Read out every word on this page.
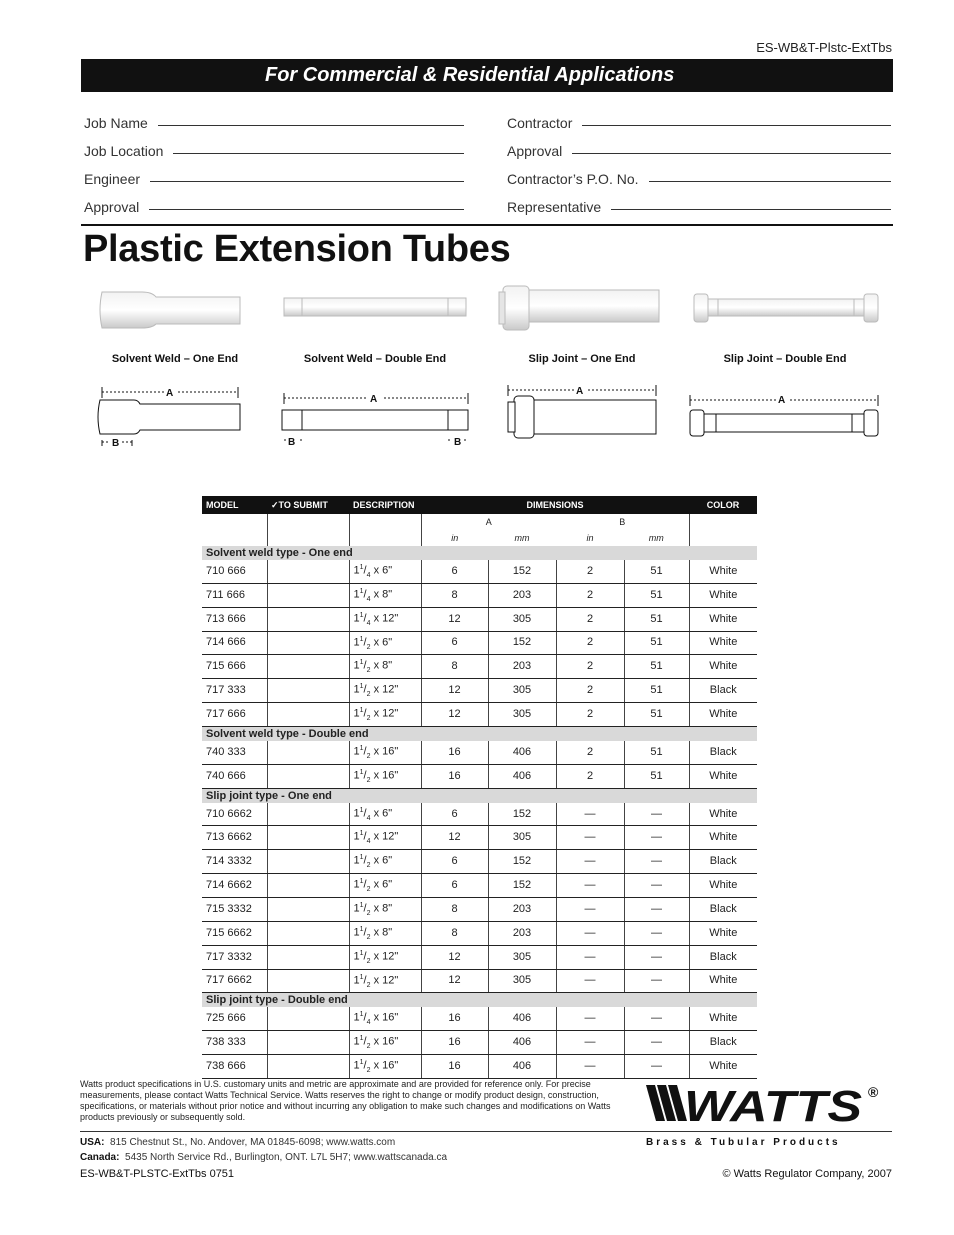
ES-WB&T-Plstc-ExtTbs
For Commercial & Residential Applications
Job Name
Job Location
Engineer
Approval
Contractor
Approval
Contractor’s P.O. No.
Representative
Plastic Extension Tubes
Solvent Weld – One End	Solvent Weld – Double End	Slip Joint – One End	Slip Joint – Double End
A
B
A
B	B
A
A
MODEL	✓TO SUBMIT	DESCRIPTION	DIMENSIONS				COLOR
			A		B		
			in	mm	in	mm	
Solvent weld type - One end							
710 666		$1^1/_4$ x 6"	6	152	2	51	White
711 666		$1^1/_4$ x 8"	8	203	2	51	White
713 666		$1^1/_4$ x 12"	12	305	2	51	White
714 666		$1^1/_2$ x 6"	6	152	2	51	White
715 666		$1^1/_2$ x 8"	8	203	2	51	White
717 333		$1^1/_2$ x 12"	12	305	2	51	Black
717 666		$1^1/_2$ x 12"	12	305	2	51	White
Solvent weld type - Double end							
740 333		$1^1/_2$ x 16"	16	406	2	51	Black
740 666		$1^1/_2$ x 16"	16	406	2	51	White
Slip joint type - One end							
710 6662		$1^1/_4$ x 6"	6	152	—	—	White
713 6662		$1^1/_4$ x 12"	12	305	—	—	White
714 3332		$1^1/_2$ x 6"	6	152	—	—	Black
714 6662		$1^1/_2$ x 6"	6	152	—	—	White
715 3332		$1^1/_2$ x 8"	8	203	—	—	Black
715 6662		$1^1/_2$ x 8"	8	203	—	—	White
717 3332		$1^1/_2$ x 12"	12	305	—	—	Black
717 6662		$1^1/_2$ x 12"	12	305	—	—	White
Slip joint type - Double end							
725 666		$1^1/_4$ x 16"	16	406	—	—	White
738 333		$1^1/_2$ x 16"	16	406	—	—	Black
738 666		$1^1/_2$ x 16"	16	406	—	—	White
Watts product specifications in U.S. customary units and metric are approximate and are provided for reference only. For precise measurements, please contact Watts Technical Service. Watts reserves the right to change or modify product design, construction, specifications, or materials without prior notice and without incurring any obligation to make such changes and modifications on Watts products previously or subsequently sold.	WATTS ®
Brass & Tubular Products
USA: 815 Chestnut St., No. Andover, MA 01845-6098; www.watts.com
Canada: 5435 North Service Rd., Burlington, ONT. L7L 5H7; www.wattscanada.ca
ES-WB&T-PLSTC-ExtTbs 0751	© Watts Regulator Company, 2007
